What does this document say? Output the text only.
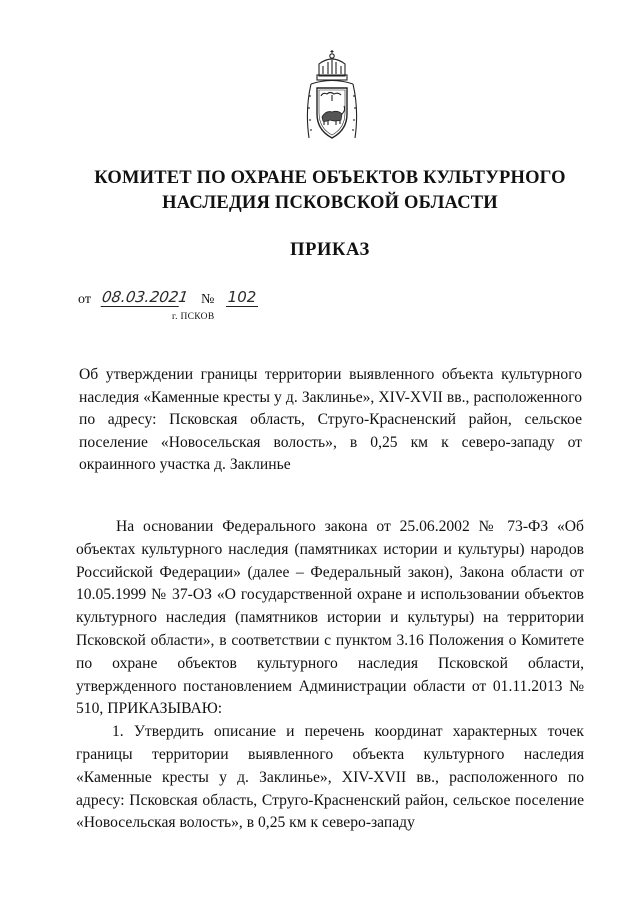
КОМИТЕТ ПО ОХРАНЕ ОБЪЕКТОВ КУЛЬТУРНОГО НАСЛЕДИЯ ПСКОВСКОЙ ОБЛАСТИ
ПРИКАЗ
от 08.03.2021 № 102
г. ПСКОВ
Об утверждении границы территории выявленного объекта культурного наследия «Каменные кресты у д. Заклинье», XIV-XVII вв., расположенного по адресу: Псковская область, Струго-Красненский район, сельское поселение «Новосельская волость», в 0,25 км к северо-западу от окраинного участка д. Заклинье

На основании Федерального закона от 25.06.2002 № 73-ФЗ «Об объектах культурного наследия (памятниках истории и культуры) народов Российской Федерации» (далее – Федеральный закон), Закона области от 10.05.1999 № 37-ОЗ «О государственной охране и использовании объектов культурного наследия (памятников истории и культуры) на территории Псковской области», в соответствии с пунктом 3.16 Положения о Комитете по охране объектов культурного наследия Псковской области, утвержденного постановлением Администрации области от 01.11.2013 № 510, ПРИКАЗЫВАЮ:

1. Утвердить описание и перечень координат характерных точек границы территории выявленного объекта культурного наследия «Каменные кресты у д. Заклинье», XIV-XVII вв., расположенного по адресу: Псковская область, Струго-Красненский район, сельское поселение «Новосельская волость», в 0,25 км к северо-западу
